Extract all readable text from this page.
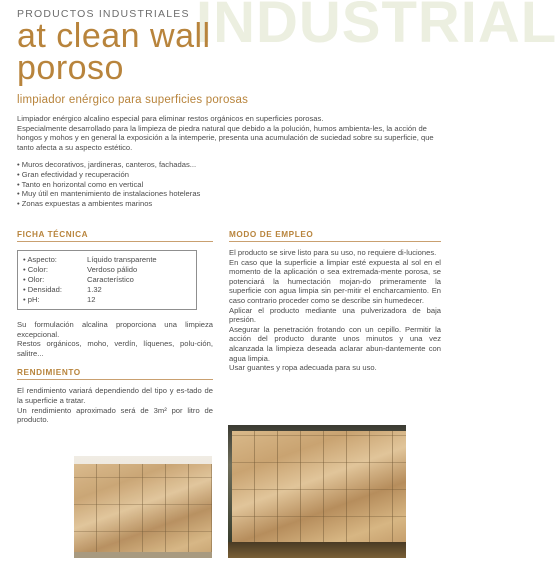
INDUSTRIAL
PRODUCTOS INDUSTRIALES
at clean wall
poroso
limpiador enérgico para superficies porosas

Limpiador enérgico alcalino especial para eliminar restos orgánicos en superficies porosas.

Especialmente desarrollado para la limpieza de piedra natural que debido a la polución, humos ambienta-les, la acción de hongos y mohos y en general la exposición a la intemperie, presenta una acumulación de suciedad sobre su superficie, que tanto afecta a su aspecto estético.

• Muros decorativos, jardineras, canteros, fachadas...
• Gran efectividad y recuperación
• Tanto en horizontal como en vertical
• Muy útil en mantenimiento de instalaciones hoteleras
• Zonas expuestas a ambientes marinos
FICHA TÉCNICA
• Aspecto:	Líquido transparente
• Color:	Verdoso pálido
• Olor:	Característico
• Densidad:	1.32
• pH:	12

Su formulación alcalina proporciona una limpieza excepcional.

Restos orgánicos, moho, verdín, líquenes, polu-ción, salitre...

RENDIMIENTO

El rendimiento variará dependiendo del tipo y es-tado de la superficie a tratar.

Un rendimiento aproximado será de 3m² por litro de producto.

MODO DE EMPLEO

El producto se sirve listo para su uso, no requiere di-luciones.

En caso que la superficie a limpiar esté expuesta al sol en el momento de la aplicación o sea extremada-mente porosa, se potenciará la humectación mojan-do primeramente la superficie con agua limpia sin per-mitir el encharcamiento. En caso contrario proceder como se describe sin humedecer.

Aplicar el producto mediante una pulverizadora de baja presión.

Asegurar la penetración frotando con un cepillo. Permitir la acción del producto durante unos minutos y una vez alcanzada la limpieza deseada aclarar abun-dantemente con agua limpia.

Usar guantes y ropa adecuada para su uso.
